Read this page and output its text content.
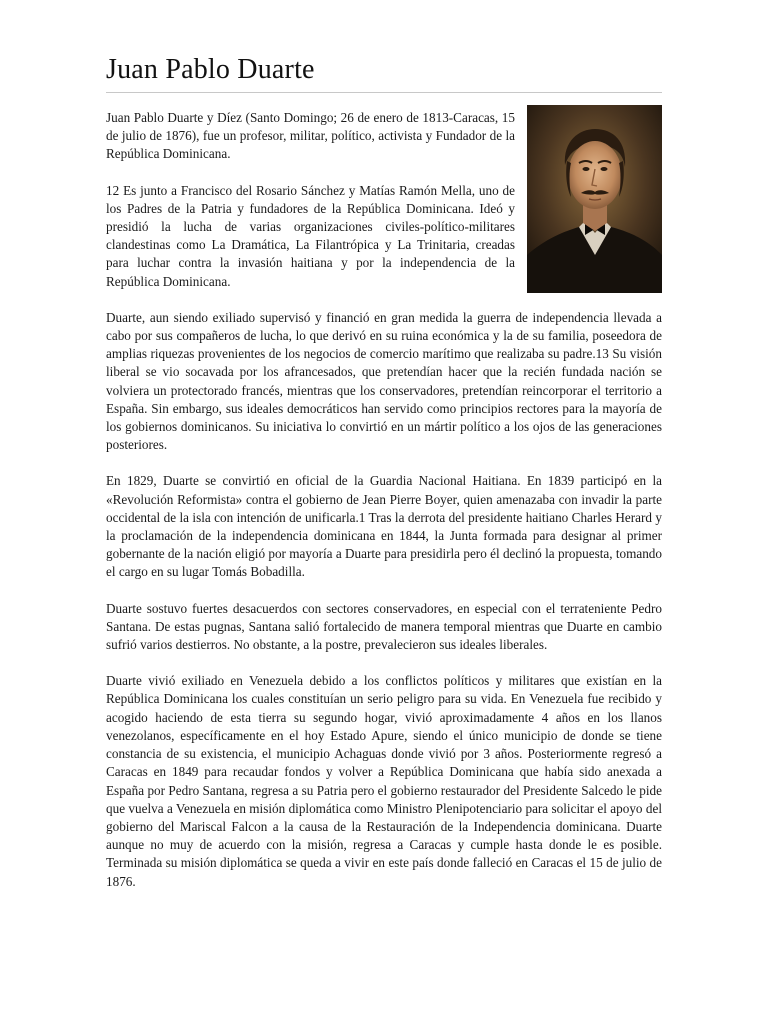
Juan Pablo Duarte

Juan Pablo Duarte y Díez (Santo Domingo; 26 de enero de 1813-Caracas, 15 de julio de 1876), fue un profesor, militar, político, activista y Fundador de la República Dominicana.

12 Es junto a Francisco del Rosario Sánchez y Matías Ramón Mella, uno de los Padres de la Patria y fundadores de la República Dominicana. Ideó y presidió la lucha de varias organizaciones civiles-político-militares clandestinas como La Dramática, La Filantrópica y La Trinitaria, creadas para luchar contra la invasión haitiana y por la independencia de la República Dominicana.

Duarte, aun siendo exiliado supervisó y financió en gran medida la guerra de independencia llevada a cabo por sus compañeros de lucha, lo que derivó en su ruina económica y la de su familia, poseedora de amplias riquezas provenientes de los negocios de comercio marítimo que realizaba su padre.13 Su visión liberal se vio socavada por los afrancesados, que pretendían hacer que la recién fundada nación se volviera un protectorado francés, mientras que los conservadores, pretendían reincorporar el territorio a España. Sin embargo, sus ideales democráticos han servido como principios rectores para la mayoría de los gobiernos dominicanos. Su iniciativa lo convirtió en un mártir político a los ojos de las generaciones posteriores.

En 1829, Duarte se convirtió en oficial de la Guardia Nacional Haitiana. En 1839 participó en la «Revolución Reformista» contra el gobierno de Jean Pierre Boyer, quien amenazaba con invadir la parte occidental de la isla con intención de unificarla.1 Tras la derrota del presidente haitiano Charles Herard y la proclamación de la independencia dominicana en 1844, la Junta formada para designar al primer gobernante de la nación eligió por mayoría a Duarte para presidirla pero él declinó la propuesta, tomando el cargo en su lugar Tomás Bobadilla.

Duarte sostuvo fuertes desacuerdos con sectores conservadores, en especial con el terrateniente Pedro Santana. De estas pugnas, Santana salió fortalecido de manera temporal mientras que Duarte en cambio sufrió varios destierros. No obstante, a la postre, prevalecieron sus ideales liberales.

Duarte vivió exiliado en Venezuela debido a los conflictos políticos y militares que existían en la República Dominicana los cuales constituían un serio peligro para su vida. En Venezuela fue recibido y acogido haciendo de esta tierra su segundo hogar, vivió aproximadamente 4 años en los llanos venezolanos, específicamente en el hoy Estado Apure, siendo el único municipio de donde se tiene constancia de su existencia, el municipio Achaguas donde vivió por 3 años. Posteriormente regresó a Caracas en 1849 para recaudar fondos y volver a República Dominicana que había sido anexada a España por Pedro Santana, regresa a su Patria pero el gobierno restaurador del Presidente Salcedo le pide que vuelva a Venezuela en misión diplomática como Ministro Plenipotenciario para solicitar el apoyo del gobierno del Mariscal Falcon a la causa de la Restauración de la Independencia dominicana. Duarte aunque no muy de acuerdo con la misión, regresa a Caracas y cumple hasta donde le es posible. Terminada su misión diplomática se queda a vivir en este país donde falleció en Caracas el 15 de julio de 1876.
